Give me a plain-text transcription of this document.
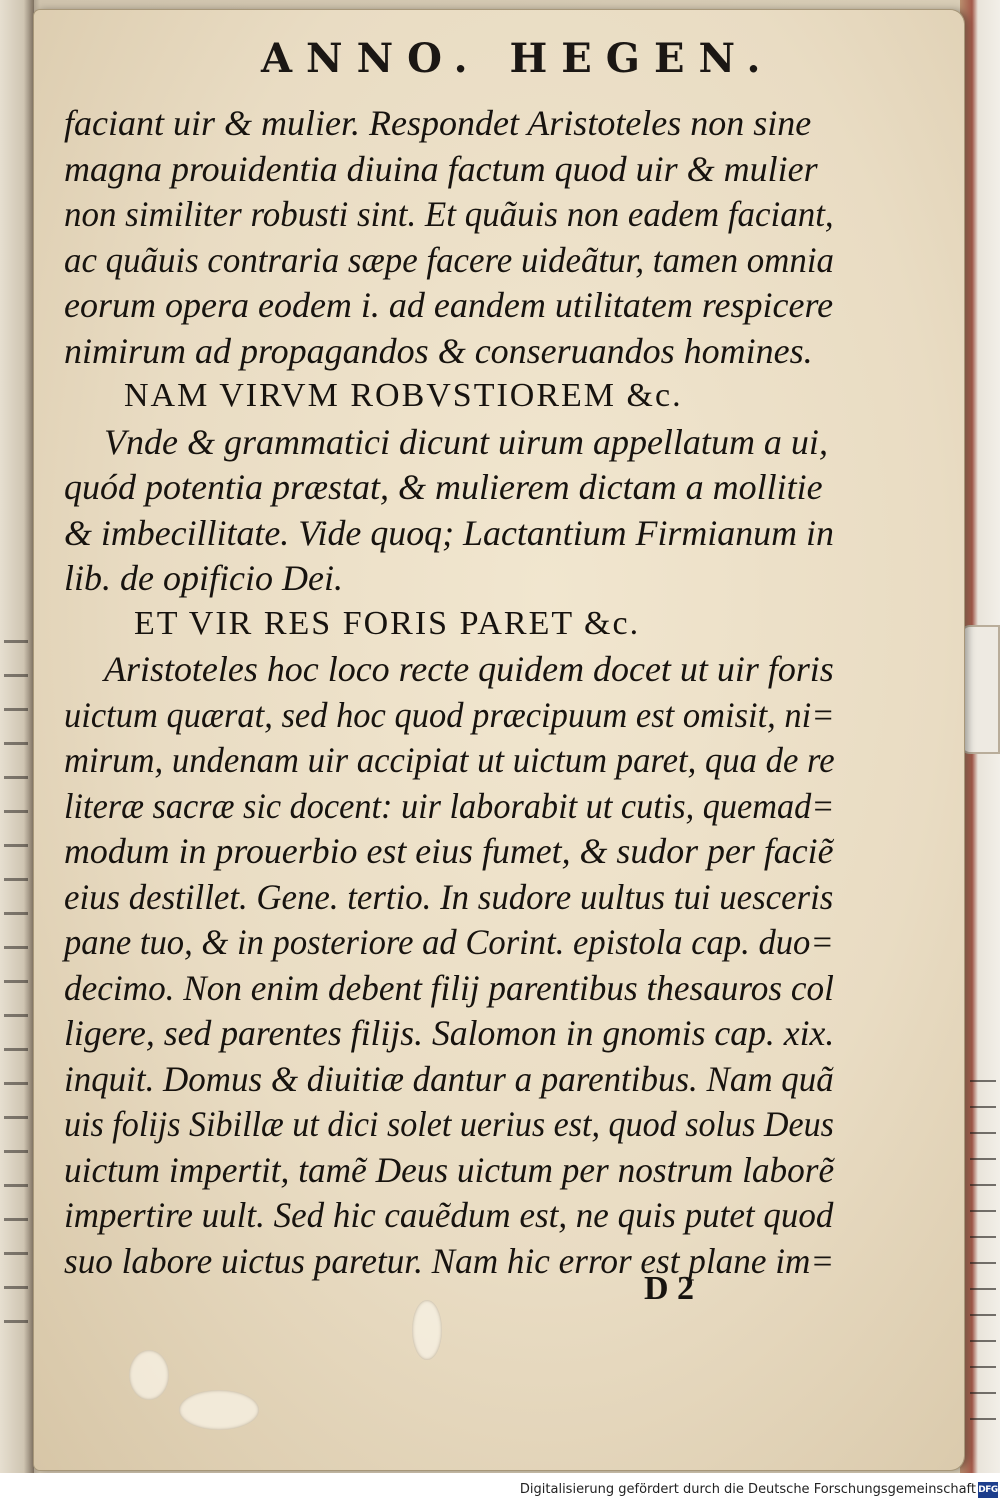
ANNO. HEGEN.
faciant uir & mulier. Respondet Aristoteles non sine
magna prouidentia diuina factum quod uir & mulier
non similiter robusti sint. Et quãuis non eadem faciant,
ac quãuis contraria sæpe facere uideãtur, tamen omnia
eorum opera eodem i. ad eandem utilitatem respicere
nimirum ad propagandos & conseruandos homines.
NAM VIRVM ROBVSTIOREM &c.
Vnde & grammatici dicunt uirum appellatum a ui,
quód potentia præstat, & mulierem dictam a mollitie
& imbecillitate. Vide quoq; Lactantium Firmianum in
lib. de opificio Dei.
ET VIR RES FORIS PARET &c.
Aristoteles hoc loco recte quidem docet ut uir foris
uictum quærat, sed hoc quod præcipuum est omisit, ni=
mirum, undenam uir accipiat ut uictum paret, qua de re
literæ sacræ sic docent: uir laborabit ut cutis, quemad=
modum in prouerbio est eius fumet, & sudor per faciẽ
eius destillet. Gene. tertio. In sudore uultus tui uesceris
pane tuo, & in posteriore ad Corint. epistola cap. duo=
decimo. Non enim debent filij parentibus thesauros col
ligere, sed parentes filijs. Salomon in gnomis cap. xix.
inquit. Domus & diuitiæ dantur a parentibus. Nam quã
uis folijs Sibillæ ut dici solet uerius est, quod solus Deus
uictum impertit, tamẽ Deus uictum per nostrum laborẽ
impertire uult. Sed hic cauẽdum est, ne quis putet quod
suo labore uictus paretur. Nam hic error est plane im=
D 2
Digitalisierung gefördert durch die Deutsche Forschungsgemeinschaft DFG
